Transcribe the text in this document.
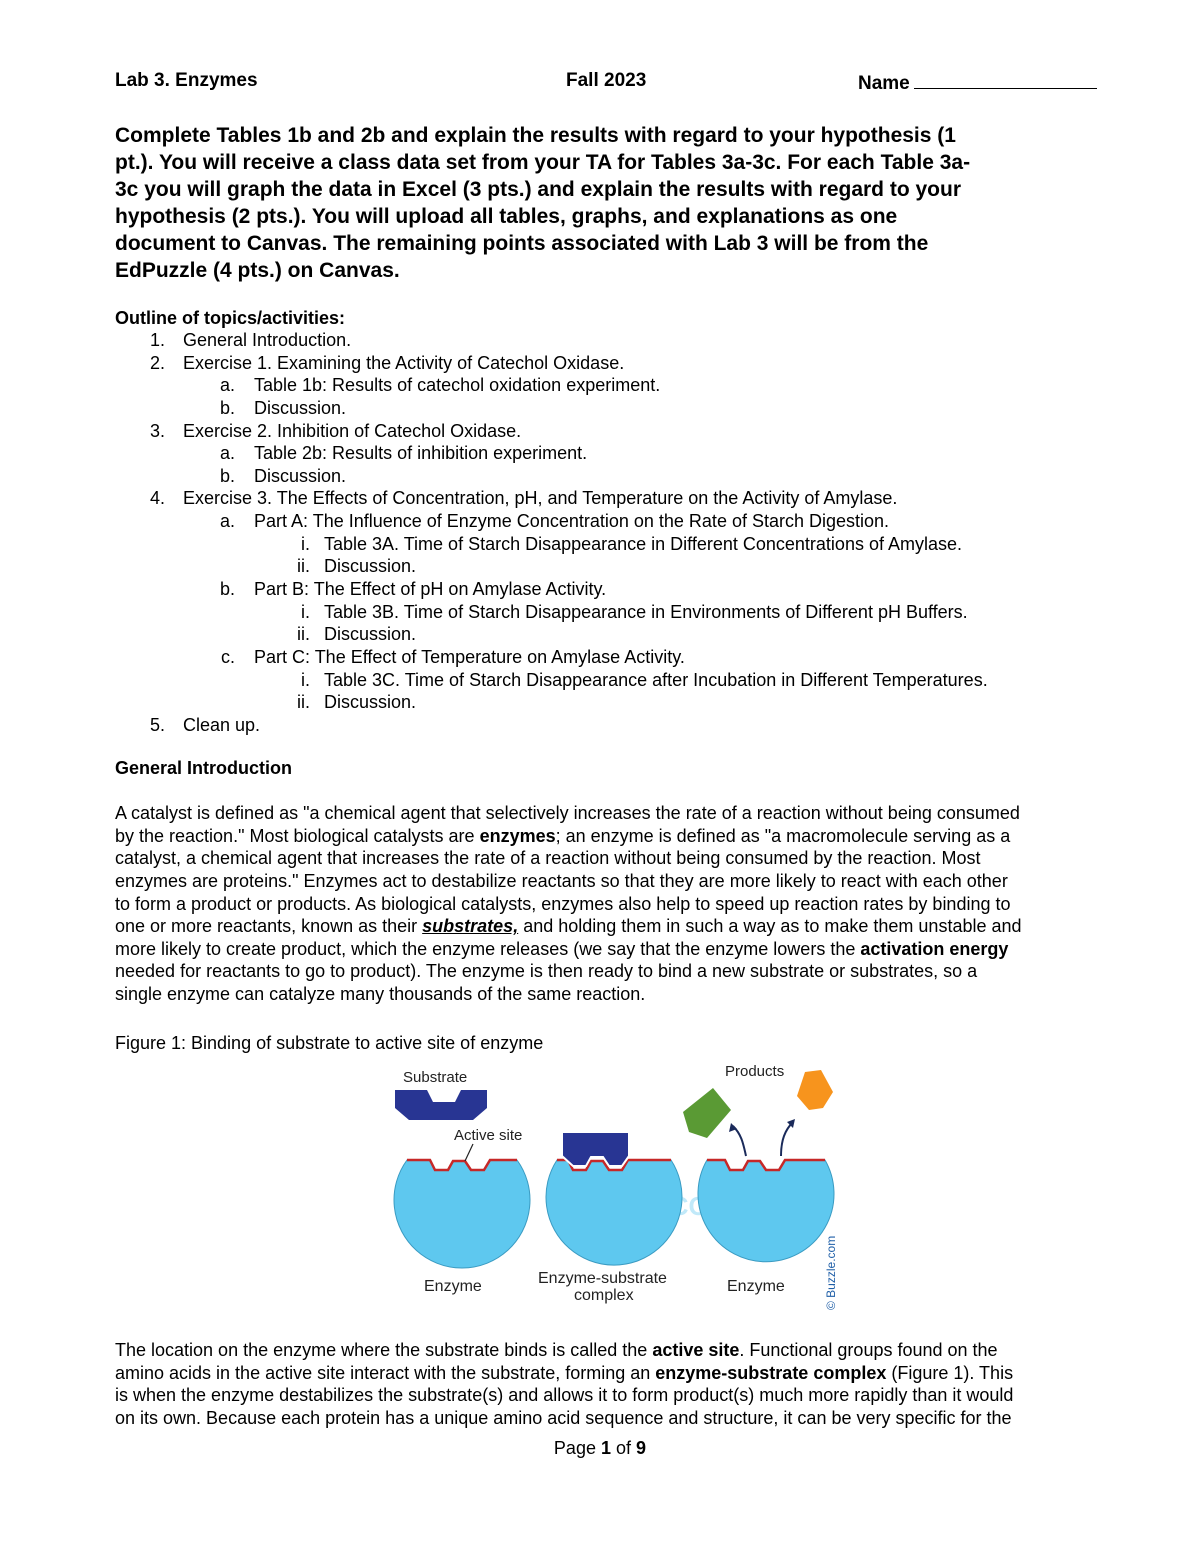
Lab 3. Enzymes	Fall 2023	Name
Complete Tables 1b and 2b and explain the results with regard to your hypothesis (1
pt.). You will receive a class data set from your TA for Tables 3a-3c. For each Table 3a-
3c you will graph the data in Excel (3 pts.) and explain the results with regard to your
hypothesis (2 pts.). You will upload all tables, graphs, and explanations as one
document to Canvas. The remaining points associated with Lab 3 will be from the
EdPuzzle (4 pts.) on Canvas.
Outline of topics/activities:
1. General Introduction.
2. Exercise 1. Examining the Activity of Catechol Oxidase.
a. Table 1b: Results of catechol oxidation experiment.
b. Discussion.
3. Exercise 2. Inhibition of Catechol Oxidase.
a. Table 2b: Results of inhibition experiment.
b. Discussion.
4. Exercise 3. The Effects of Concentration, pH, and Temperature on the Activity of Amylase.
a. Part A: The Influence of Enzyme Concentration on the Rate of Starch Digestion.
i. Table 3A. Time of Starch Disappearance in Different Concentrations of Amylase.
ii. Discussion.
b. Part B: The Effect of pH on Amylase Activity.
i. Table 3B. Time of Starch Disappearance in Environments of Different pH Buffers.
ii. Discussion.
c. Part C: The Effect of Temperature on Amylase Activity.
i. Table 3C. Time of Starch Disappearance after Incubation in Different Temperatures.
ii. Discussion.
5. Clean up.
General Introduction
A catalyst is defined as "a chemical agent that selectively increases the rate of a reaction without being consumed
by the reaction." Most biological catalysts are enzymes; an enzyme is defined as "a macromolecule serving as a
catalyst, a chemical agent that increases the rate of a reaction without being consumed by the reaction. Most
enzymes are proteins." Enzymes act to destabilize reactants so that they are more likely to react with each other
to form a product or products. As biological catalysts, enzymes also help to speed up reaction rates by binding to
one or more reactants, known as their substrates, and holding them in such a way as to make them unstable and
more likely to create product, which the enzyme releases (we say that the enzyme lowers the activation energy
needed for reactants to go to product). The enzyme is then ready to bind a new substrate or substrates, so a
single enzyme can catalyze many thousands of the same reaction.
Figure 1: Binding of substrate to active site of enzyme
Substrate
Active site
Products
Enzyme	Enzyme-substrate
complex
Enzyme	© Buzzle.com
The location on the enzyme where the substrate binds is called the active site. Functional groups found on the
amino acids in the active site interact with the substrate, forming an enzyme-substrate complex (Figure 1). This
is when the enzyme destabilizes the substrate(s) and allows it to form product(s) much more rapidly than it would
on its own. Because each protein has a unique amino acid sequence and structure, it can be very specific for the
Page 1 of 9
